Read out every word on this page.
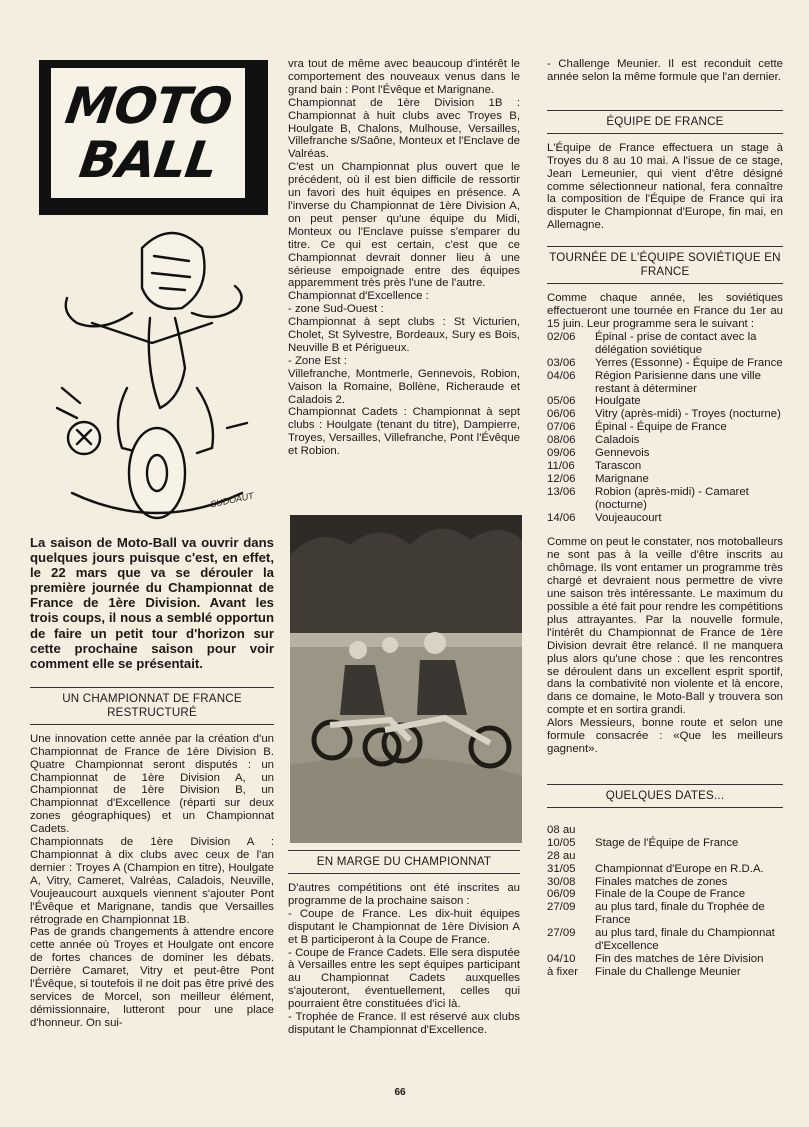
MOTO
BALL
SUDOAUT

La saison de Moto-Ball va ouvrir dans quelques jours puisque c'est, en effet, le 22 mars que va se dérouler la première journée du Championnat de France de 1ère Division. Avant les trois coups, il nous a semblé opportun de faire un petit tour d'horizon sur cette prochaine saison pour voir comment elle se présentait.

UN CHAMPIONNAT DE FRANCE RESTRUCTURÉ

Une innovation cette année par la création d'un Championnat de France de 1ère Division B. Quatre Championnat seront disputés : un Championnat de 1ère Division A, un Championnat de 1ère Division B, un Championnat d'Excellence (réparti sur deux zones géographiques) et un Championnat Cadets.

Championnats de 1ère Division A : Championnat à dix clubs avec ceux de l'an dernier : Troyes A (Champion en titre), Houlgate A, Vitry, Cameret, Valréas, Caladois, Neuville, Voujeaucourt auxquels viennent s'ajouter Pont l'Évêque et Marignane, tandis que Versailles rétrograde en Championnat 1B.

Pas de grands changements à attendre encore cette année où Troyes et Houlgate ont encore de fortes chances de dominer les débats. Derrière Camaret, Vitry et peut-être Pont l'Évêque, si toutefois il ne doit pas être privé des services de Morcel, son meilleur élément, démissionnaire, lutteront pour une place d'honneur. On sui-

vra tout de même avec beaucoup d'intérêt le comportement des nouveaux venus dans le grand bain : Pont l'Évêque et Marignane.

Championnat de 1ère Division 1B : Championnat à huit clubs avec Troyes B, Houlgate B, Chalons, Mulhouse, Versailles, Villefranche s/Saône, Monteux et l'Enclave de Valréas.

C'est un Championnat plus ouvert que le précédent, où il est bien difficile de ressortir un favori des huit équipes en présence. A l'inverse du Championnat de 1ère Division A, on peut penser qu'une équipe du Midi, Monteux ou l'Enclave puisse s'emparer du titre. Ce qui est certain, c'est que ce Championnat devrait donner lieu à une sérieuse empoignade entre des équipes apparemment très près l'une de l'autre.

Championnat d'Excellence :

- zone Sud-Ouest :

Championnat à sept clubs : St Victurien, Cholet, St Sylvestre, Bordeaux, Sury es Bois, Neuville B et Périgueux.

- Zone Est :

Villefranche, Montmerle, Gennevois, Robion, Vaison la Romaine, Bollène, Richeraude et Caladois 2.

Championnat Cadets : Championnat à sept clubs : Houlgate (tenant du titre), Dampierre, Troyes, Versailles, Villefranche, Pont l'Évêque et Robion.

EN MARGE DU CHAMPIONNAT

D'autres compétitions ont été inscrites au programme de la prochaine saison :

- Coupe de France. Les dix-huit équipes disputant le Championnat de 1ère Division A et B participeront à la Coupe de France.

- Coupe de France Cadets. Elle sera disputée à Versailles entre les sept équipes participant au Championnat Cadets auxquelles s'ajouteront, éventuellement, celles qui pourraient être constituées d'ici là.

- Trophée de France. Il est réservé aux clubs disputant le Championnat d'Excellence.

- Challenge Meunier. Il est reconduit cette année selon la même formule que l'an dernier.

ÉQUIPE DE FRANCE

L'Équipe de France effectuera un stage à Troyes du 8 au 10 mai. A l'issue de ce stage, Jean Lemeunier, qui vient d'être désigné comme sélectionneur national, fera connaître la composition de l'Équipe de France qui ira disputer le Championnat d'Europe, fin mai, en Allemagne.

TOURNÉE DE L'ÉQUIPE SOVIÉTIQUE EN FRANCE

Comme chaque année, les soviétiques effectueront une tournée en France du 1er au 15 juin. Leur programme sera le suivant :

02/06	Épinal - prise de contact avec la délégation soviétique
03/06	Yerres (Essonne) - Équipe de France
04/06	Région Parisienne dans une ville restant à déterminer
05/06	Houlgate
06/06	Vitry (après-midi) - Troyes (nocturne)
07/06	Épinal - Équipe de France
08/06	Caladois
09/06	Gennevois
11/06	Tarascon
12/06	Marignane
13/06	Robion (après-midi) - Camaret (nocturne)
14/06	Voujeaucourt

Comme on peut le constater, nos motoballeurs ne sont pas à la veille d'être inscrits au chômage. Ils vont entamer un programme très chargé et devraient nous permettre de vivre une saison très intéressante. Le maximum du possible a été fait pour rendre les compétitions plus attrayantes. Par la nouvelle formule, l'intérêt du Championnat de France de 1ère Division devrait être relancé. Il ne manquera plus alors qu'une chose : que les rencontres se déroulent dans un excellent esprit sportif, dans la combativité non violente et là encore, dans ce domaine, le Moto-Ball y trouvera son compte et en sortira grandi.

Alors Messieurs, bonne route et selon une formule consacrée : «Que les meilleurs gagnent».

QUELQUES DATES...
08 au
10/05	Stage de l'Équipe de France
28 au
31/05	Championnat d'Europe en R.D.A.
30/08	Finales matches de zones
06/09	Finale de la Coupe de France
27/09	au plus tard, finale du Trophée de France
27/09	au plus tard, finale du Championnat d'Excellence
04/10	Fin des matches de 1ère Division
à fixer	Finale du Challenge Meunier
66
